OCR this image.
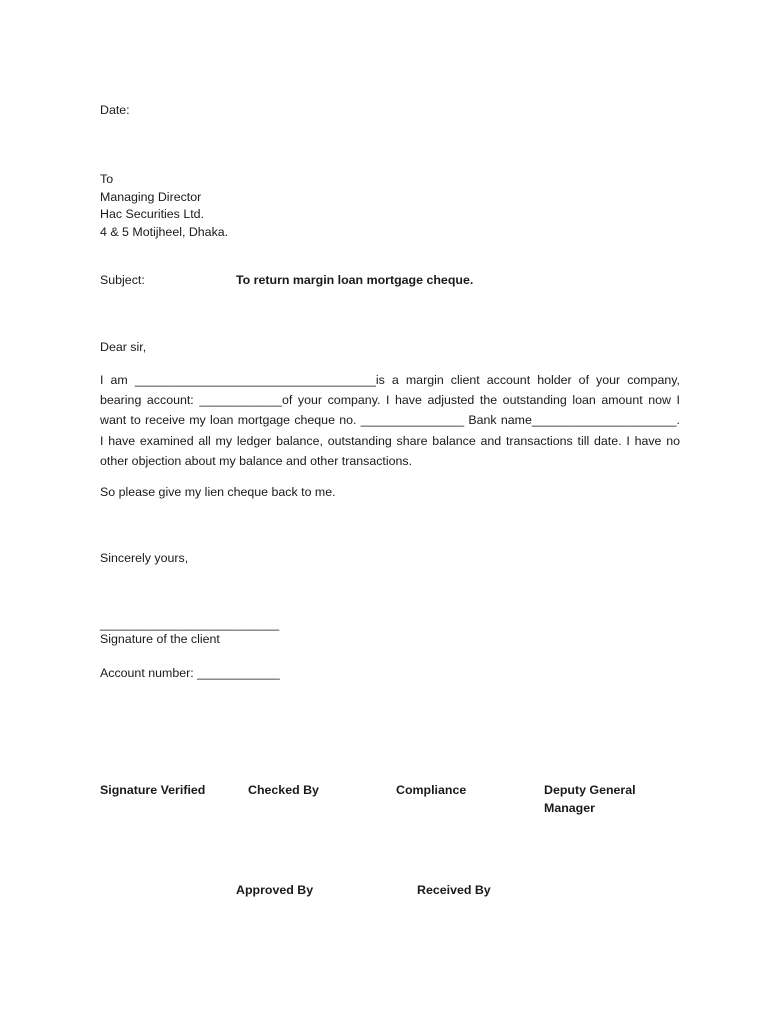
Date:
To
Managing Director
Hac Securities Ltd.
4 & 5 Motijheel, Dhaka.
Subject:	To return margin loan mortgage cheque.
Dear sir,
I am ___________________________________is a margin client account holder of your company,
bearing account: ____________of your company. I have adjusted the outstanding loan amount now I
want to receive my loan mortgage cheque no. _______________ Bank name_____________________.
I have examined all my ledger balance, outstanding share balance and transactions till date. I have no
other objection about my balance and other transactions.
So please give my lien cheque back to me.
Sincerely yours,
__________________________
Signature of the client
Account number: ____________
Signature Verified	Checked By	Compliance	Deputy General Manager
Approved By	Received By
